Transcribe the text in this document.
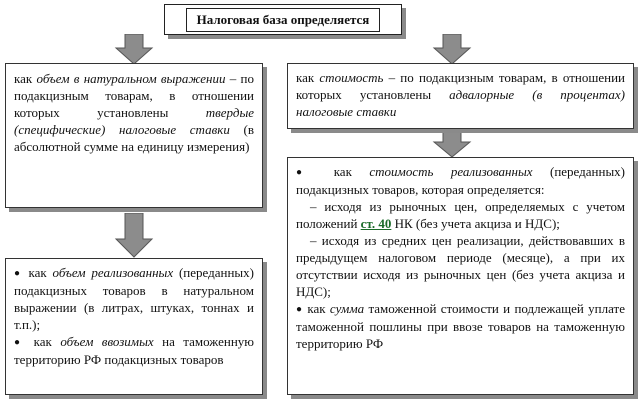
Налоговая база определяется

как объем в натуральном выражении – по подакцизным товарам, в отношении которых установлены	твердые (специфические) налоговые ставки (в абсолютной сумме на единицу измерения)

как стоимость – по подакцизным товарам, в отношении которых установлены адвалорные (в процентах) налоговые ставки

● как объем реализованных (переданных) подакцизных товаров в натуральном выражении (в литрах, штуках, тоннах и т.п.);

● как объем ввозимых на таможенную территорию РФ подакцизных товаров

● как стоимость реализованных (переданных) подакцизных товаров, которая определяется:

– исходя из рыночных цен, определяемых с учетом положений ст. 40 НК (без учета акциза и НДС);

– исходя из средних цен реализации, действовавших в предыдущем налоговом периоде (месяце), а при их отсутствии исходя из рыночных цен (без учета акциза и НДС);

● как сумма таможенной стоимости и подлежащей уплате таможенной пошлины при ввозе товаров на таможенную территорию РФ
